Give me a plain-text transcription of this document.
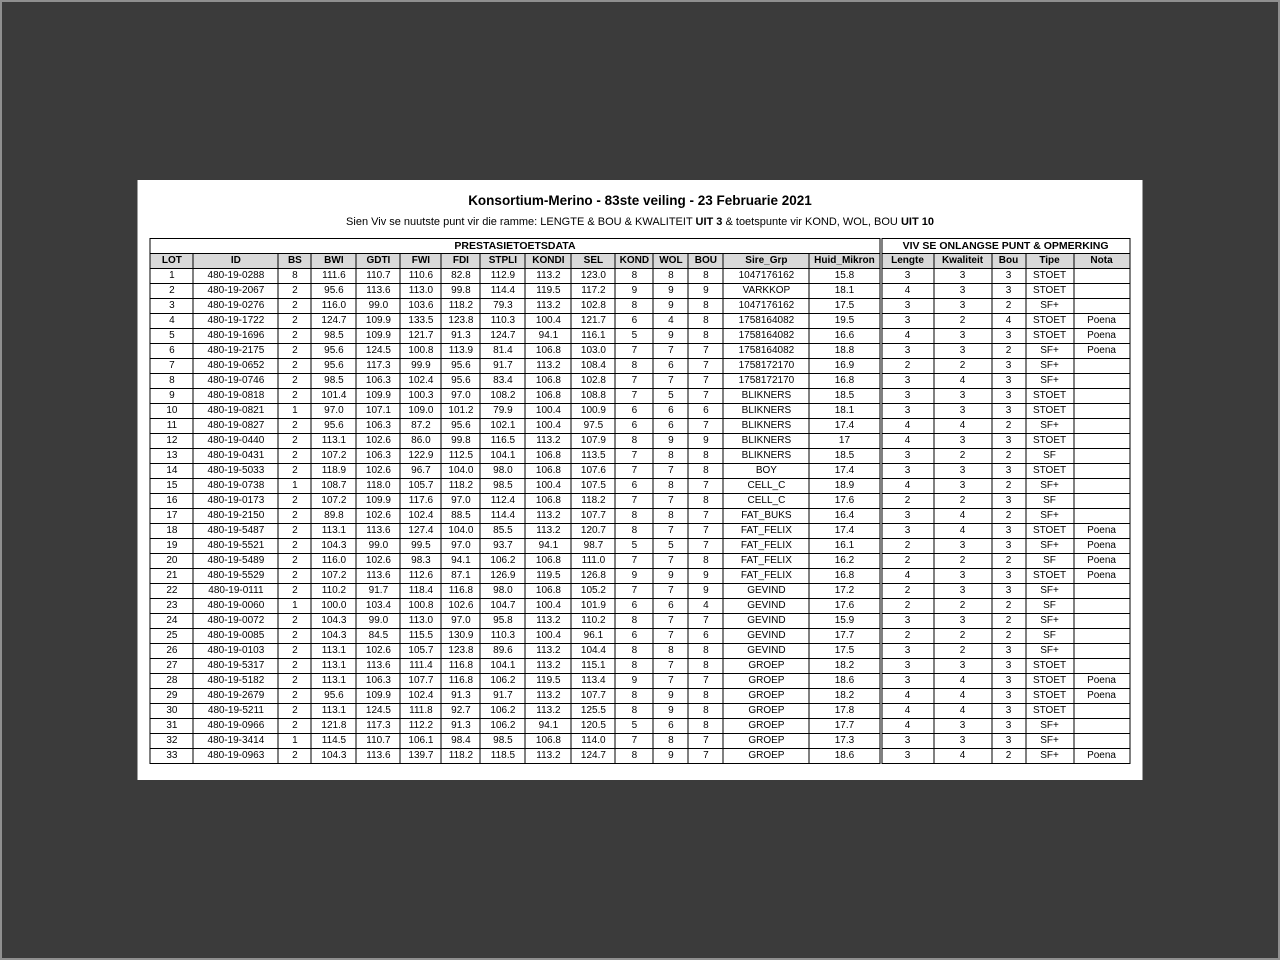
Konsortium-Merino - 83ste veiling - 23 Februarie 2021
Sien Viv se nuutste punt vir die ramme: LENGTE & BOU & KWALITEIT UIT 3 & toetspunte vir KOND, WOL, BOU UIT 10
PRESTASIETOETSDATA															VIV SE ONLANGSE PUNT & OPMERKING				
LOT	ID	BS	BWI	GDTI	FWI	FDI	STPLI	KONDI	SEL	KOND	WOL	BOU	Sire_Grp	Huid_Mikron	Lengte	Kwaliteit	Bou	Tipe	Nota
1	480-19-0288	8	111.6	110.7	110.6	82.8	112.9	113.2	123.0	8	8	8	1047176162	15.8	3	3	3	STOET	
2	480-19-2067	2	95.6	113.6	113.0	99.8	114.4	119.5	117.2	9	9	9	VARKKOP	18.1	4	3	3	STOET	
3	480-19-0276	2	116.0	99.0	103.6	118.2	79.3	113.2	102.8	8	9	8	1047176162	17.5	3	3	2	SF+	
4	480-19-1722	2	124.7	109.9	133.5	123.8	110.3	100.4	121.7	6	4	8	1758164082	19.5	3	2	4	STOET	Poena
5	480-19-1696	2	98.5	109.9	121.7	91.3	124.7	94.1	116.1	5	9	8	1758164082	16.6	4	3	3	STOET	Poena
6	480-19-2175	2	95.6	124.5	100.8	113.9	81.4	106.8	103.0	7	7	7	1758164082	18.8	3	3	2	SF+	Poena
7	480-19-0652	2	95.6	117.3	99.9	95.6	91.7	113.2	108.4	8	6	7	1758172170	16.9	2	2	3	SF+	
8	480-19-0746	2	98.5	106.3	102.4	95.6	83.4	106.8	102.8	7	7	7	1758172170	16.8	3	4	3	SF+	
9	480-19-0818	2	101.4	109.9	100.3	97.0	108.2	106.8	108.8	7	5	7	BLIKNERS	18.5	3	3	3	STOET	
10	480-19-0821	1	97.0	107.1	109.0	101.2	79.9	100.4	100.9	6	6	6	BLIKNERS	18.1	3	3	3	STOET	
11	480-19-0827	2	95.6	106.3	87.2	95.6	102.1	100.4	97.5	6	6	7	BLIKNERS	17.4	4	4	2	SF+	
12	480-19-0440	2	113.1	102.6	86.0	99.8	116.5	113.2	107.9	8	9	9	BLIKNERS	17	4	3	3	STOET	
13	480-19-0431	2	107.2	106.3	122.9	112.5	104.1	106.8	113.5	7	8	8	BLIKNERS	18.5	3	2	2	SF	
14	480-19-5033	2	118.9	102.6	96.7	104.0	98.0	106.8	107.6	7	7	8	BOY	17.4	3	3	3	STOET	
15	480-19-0738	1	108.7	118.0	105.7	118.2	98.5	100.4	107.5	6	8	7	CELL_C	18.9	4	3	2	SF+	
16	480-19-0173	2	107.2	109.9	117.6	97.0	112.4	106.8	118.2	7	7	8	CELL_C	17.6	2	2	3	SF	
17	480-19-2150	2	89.8	102.6	102.4	88.5	114.4	113.2	107.7	8	8	7	FAT_BUKS	16.4	3	4	2	SF+	
18	480-19-5487	2	113.1	113.6	127.4	104.0	85.5	113.2	120.7	8	7	7	FAT_FELIX	17.4	3	4	3	STOET	Poena
19	480-19-5521	2	104.3	99.0	99.5	97.0	93.7	94.1	98.7	5	5	7	FAT_FELIX	16.1	2	3	3	SF+	Poena
20	480-19-5489	2	116.0	102.6	98.3	94.1	106.2	106.8	111.0	7	7	8	FAT_FELIX	16.2	2	2	2	SF	Poena
21	480-19-5529	2	107.2	113.6	112.6	87.1	126.9	119.5	126.8	9	9	9	FAT_FELIX	16.8	4	3	3	STOET	Poena
22	480-19-0111	2	110.2	91.7	118.4	116.8	98.0	106.8	105.2	7	7	9	GEVIND	17.2	2	3	3	SF+	
23	480-19-0060	1	100.0	103.4	100.8	102.6	104.7	100.4	101.9	6	6	4	GEVIND	17.6	2	2	2	SF	
24	480-19-0072	2	104.3	99.0	113.0	97.0	95.8	113.2	110.2	8	7	7	GEVIND	15.9	3	3	2	SF+	
25	480-19-0085	2	104.3	84.5	115.5	130.9	110.3	100.4	96.1	6	7	6	GEVIND	17.7	2	2	2	SF	
26	480-19-0103	2	113.1	102.6	105.7	123.8	89.6	113.2	104.4	8	8	8	GEVIND	17.5	3	2	3	SF+	
27	480-19-5317	2	113.1	113.6	111.4	116.8	104.1	113.2	115.1	8	7	8	GROEP	18.2	3	3	3	STOET	
28	480-19-5182	2	113.1	106.3	107.7	116.8	106.2	119.5	113.4	9	7	7	GROEP	18.6	3	4	3	STOET	Poena
29	480-19-2679	2	95.6	109.9	102.4	91.3	91.7	113.2	107.7	8	9	8	GROEP	18.2	4	4	3	STOET	Poena
30	480-19-5211	2	113.1	124.5	111.8	92.7	106.2	113.2	125.5	8	9	8	GROEP	17.8	4	4	3	STOET	
31	480-19-0966	2	121.8	117.3	112.2	91.3	106.2	94.1	120.5	5	6	8	GROEP	17.7	4	3	3	SF+	
32	480-19-3414	1	114.5	110.7	106.1	98.4	98.5	106.8	114.0	7	8	7	GROEP	17.3	3	3	3	SF+	
33	480-19-0963	2	104.3	113.6	139.7	118.2	118.5	113.2	124.7	8	9	7	GROEP	18.6	3	4	2	SF+	Poena
